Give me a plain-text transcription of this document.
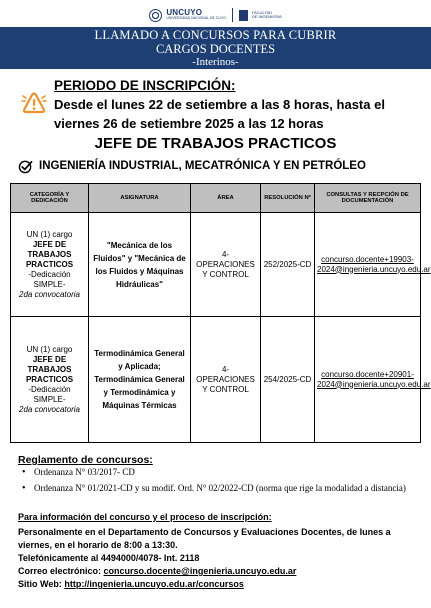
UNCUYO
UNIVERSIDAD NACIONAL DE CUYO
FACULTAD
DE INGENIERÍA
LLAMADO A CONCURSOS PARA CUBRIR
CARGOS DOCENTES
-Interinos-
PERIODO DE INSCRIPCIÓN:
Desde el lunes 22 de setiembre a las 8 horas, hasta el viernes 26 de setiembre 2025 a las 12 horas
JEFE DE TRABAJOS PRACTICOS
INGENIERÍA INDUSTRIAL, MECATRÓNICA Y EN PETRÓLEO
CATEGORÍA Y DEDICACIÓN	ASIGNATURA	ÁREA	RESOLUCIÓN Nº	CONSULTAS Y RECPCIÓN DE DOCUMENTACIÓN
UN (1) cargo
JEFE DE TRABAJOS PRACTICOS
-Dedicación SIMPLE-
2da convocatoria	"Mecánica de los Fluidos" y "Mecánica de los Fluidos y Máquinas Hidráulicas"	4- OPERACIONES Y CONTROL	252/2025-CD	concurso.docente+19903-2024@ingenieria.uncuyo.edu.ar
UN (1) cargo
JEFE DE TRABAJOS PRACTICOS
-Dedicación SIMPLE-
2da convocatoria	Termodinámica General y Aplicada; Termodinámica General y Termodinámica y Máquinas Térmicas	4- OPERACIONES Y CONTROL	254/2025-CD	concurso.docente+20901-2024@ingenieria.uncuyo.edu.ar
Reglamento de concursos:
• Ordenanza N° 03/2017- CD
• Ordenanza N° 01/2021-CD y su modif. Ord. N° 02/2022-CD (norma que rige la modalidad a distancia)
Para información del concurso y el proceso de inscripción:
Personalmente en el Departamento de Concursos y Evaluaciones Docentes, de lunes a
viernes, en el horario de 8:00 a 13:30.
Telefónicamente al 4494000/4078- Int. 2118
Correo electrónico: concurso.docente@ingenieria.uncuyo.edu.ar
Sitio Web: http://ingenieria.uncuyo.edu.ar/concursos
